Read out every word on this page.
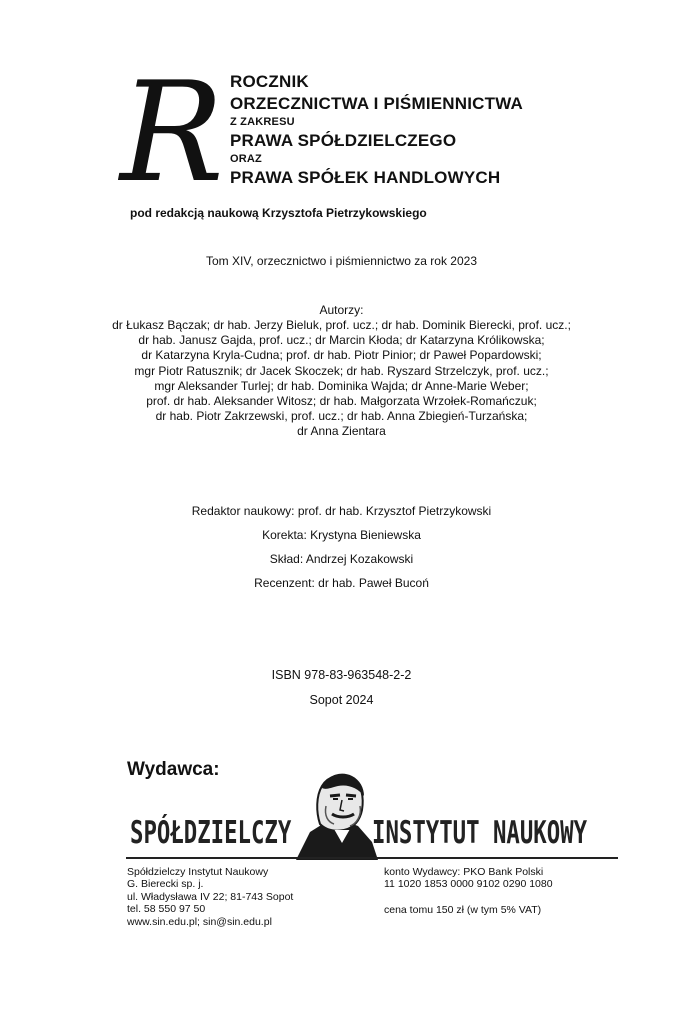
R ROCZNIK
ORZECZNICTWA I PIŚMIENNICTWA
Z ZAKRESU
PRAWA SPÓŁDZIELCZEGO
ORAZ
PRAWA SPÓŁEK HANDLOWYCH
pod redakcją naukową Krzysztofa Pietrzykowskiego
Tom XIV, orzecznictwo i piśmiennictwo za rok 2023
Autorzy:
dr Łukasz Bączak; dr hab. Jerzy Bieluk, prof. ucz.; dr hab. Dominik Bierecki, prof. ucz.;
dr hab. Janusz Gajda, prof. ucz.; dr Marcin Kłoda; dr Katarzyna Królikowska;
dr Katarzyna Kryla-Cudna; prof. dr hab. Piotr Pinior; dr Paweł Popardowski;
mgr Piotr Ratusznik; dr Jacek Skoczek; dr hab. Ryszard Strzelczyk, prof. ucz.;
mgr Aleksander Turlej; dr hab. Dominika Wajda; dr Anne-Marie Weber;
prof. dr hab. Aleksander Witosz; dr hab. Małgorzata Wrzołek-Romańczuk;
dr hab. Piotr Zakrzewski, prof. ucz.; dr hab. Anna Zbiegień-Turzańska;
dr Anna Zientara
Redaktor naukowy: prof. dr hab. Krzysztof Pietrzykowski
Korekta: Krystyna Bieniewska
Skład: Andrzej Kozakowski
Recenzent: dr hab. Paweł Bucoń
ISBN 978-83-963548-2-2
Sopot 2024
Wydawca:
SPÓŁDZIELCZY	INSTYTUT NAUKOWY
Spółdzielczy Instytut Naukowy
G. Bierecki sp. j.
ul. Władysława IV 22; 81-743 Sopot
tel. 58 550 97 50
www.sin.edu.pl; sin@sin.edu.pl
konto Wydawcy: PKO Bank Polski
11 1020 1853 0000 9102 0290 1080
cena tomu 150 zł (w tym 5% VAT)
